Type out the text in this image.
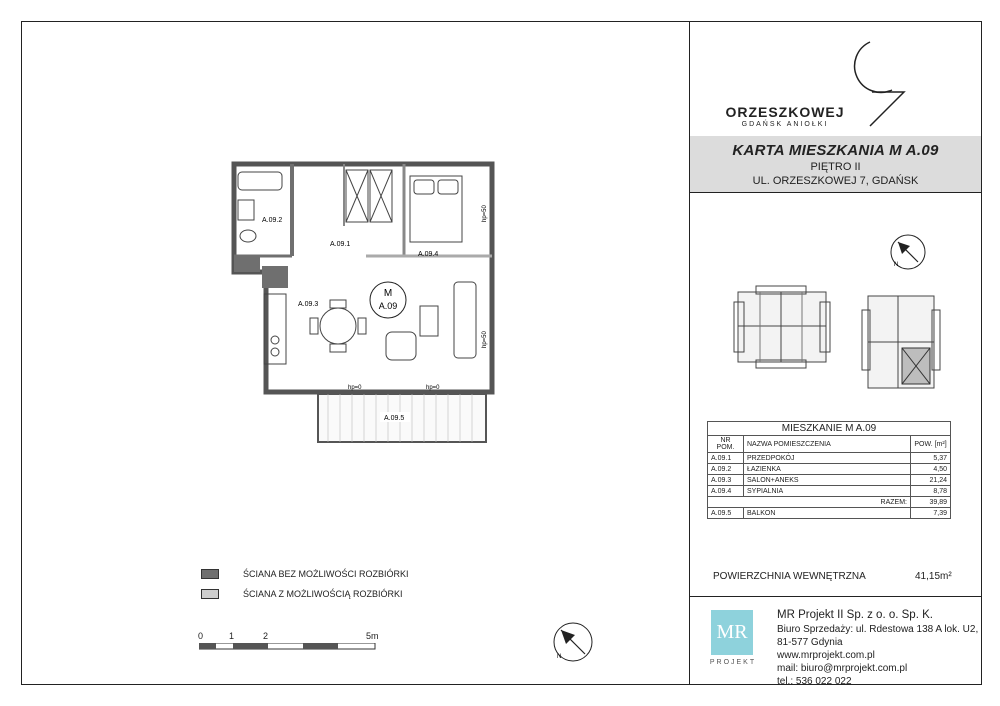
ORZESZKOWEJ
GDAŃSK ANIOŁKI
KARTA MIESZKANIA M A.09
PIĘTRO II
UL. ORZESZKOWEJ 7, GDAŃSK
N
MIESZKANIE M A.09		
NR POM.	NAZWA POMIESZCZENIA	POW. [m²]
A.09.1	PRZEDPOKÓJ	5,37
A.09.2	ŁAZIENKA	4,50
A.09.3	SALON+ANEKS	21,24
A.09.4	SYPIALNIA	8,78
RAZEM:		39,89
A.09.5	BALKON	7,39
POWIERZCHNIA WEWNĘTRZNA	41,15m²
M
A.09
A.09.2
A.09.1
A.09.3
A.09.4
hp=50
hp=50
hp=0	hp=0
A.09.5
ŚCIANA BEZ MOŻLIWOŚCI ROZBIÓRKI
ŚCIANA Z MOŻLIWOŚCIĄ ROZBIÓRKI
0	1	2	5m
N
MR
PROJEKT
MR Projekt II Sp. z o. o. Sp. K.
Biuro Sprzedaży: ul. Rdestowa 138 A lok. U2,
81-577 Gdynia
www.mrprojekt.com.pl
mail: biuro@mrprojekt.com.pl
tel.: 536 022 022
